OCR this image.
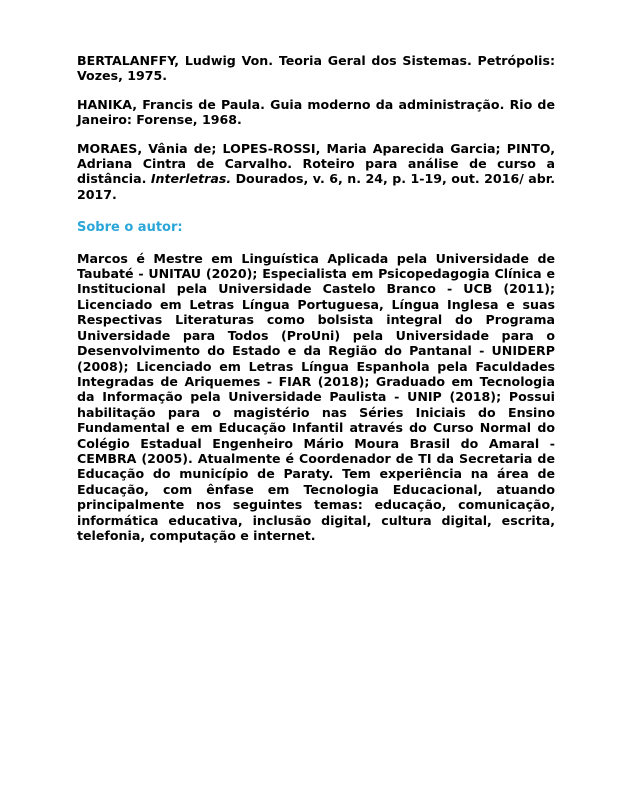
BERTALANFFY, Ludwig Von. Teoria Geral dos Sistemas. Petrópolis: Vozes, 1975.

HANIKA, Francis de Paula. Guia moderno da administração. Rio de Janeiro: Forense, 1968.

MORAES, Vânia de; LOPES-ROSSI, Maria Aparecida Garcia; PINTO, Adriana Cintra de Carvalho. Roteiro para análise de curso a distância. Interletras. Dourados, v. 6, n. 24, p. 1-19, out. 2016/ abr. 2017.

Sobre o autor:

Marcos é Mestre em Linguística Aplicada pela Universidade de Taubaté - UNITAU (2020); Especialista em Psicopedagogia Clínica e Institucional pela Universidade Castelo Branco - UCB (2011); Licenciado em Letras Língua Portuguesa, Língua Inglesa e suas Respectivas Literaturas como bolsista integral do Programa Universidade para Todos (ProUni) pela Universidade para o Desenvolvimento do Estado e da Região do Pantanal - UNIDERP (2008); Licenciado em Letras Língua Espanhola pela Faculdades Integradas de Ariquemes - FIAR (2018); Graduado em Tecnologia da Informação pela Universidade Paulista - UNIP (2018); Possui habilitação para o magistério nas Séries Iniciais do Ensino Fundamental e em Educação Infantil através do Curso Normal do Colégio Estadual Engenheiro Mário Moura Brasil do Amaral - CEMBRA (2005). Atualmente é Coordenador de TI da Secretaria de Educação do município de Paraty. Tem experiência na área de Educação, com ênfase em Tecnologia Educacional, atuando principalmente nos seguintes temas: educação, comunicação, informática educativa, inclusão digital, cultura digital, escrita, telefonia, computação e internet.
